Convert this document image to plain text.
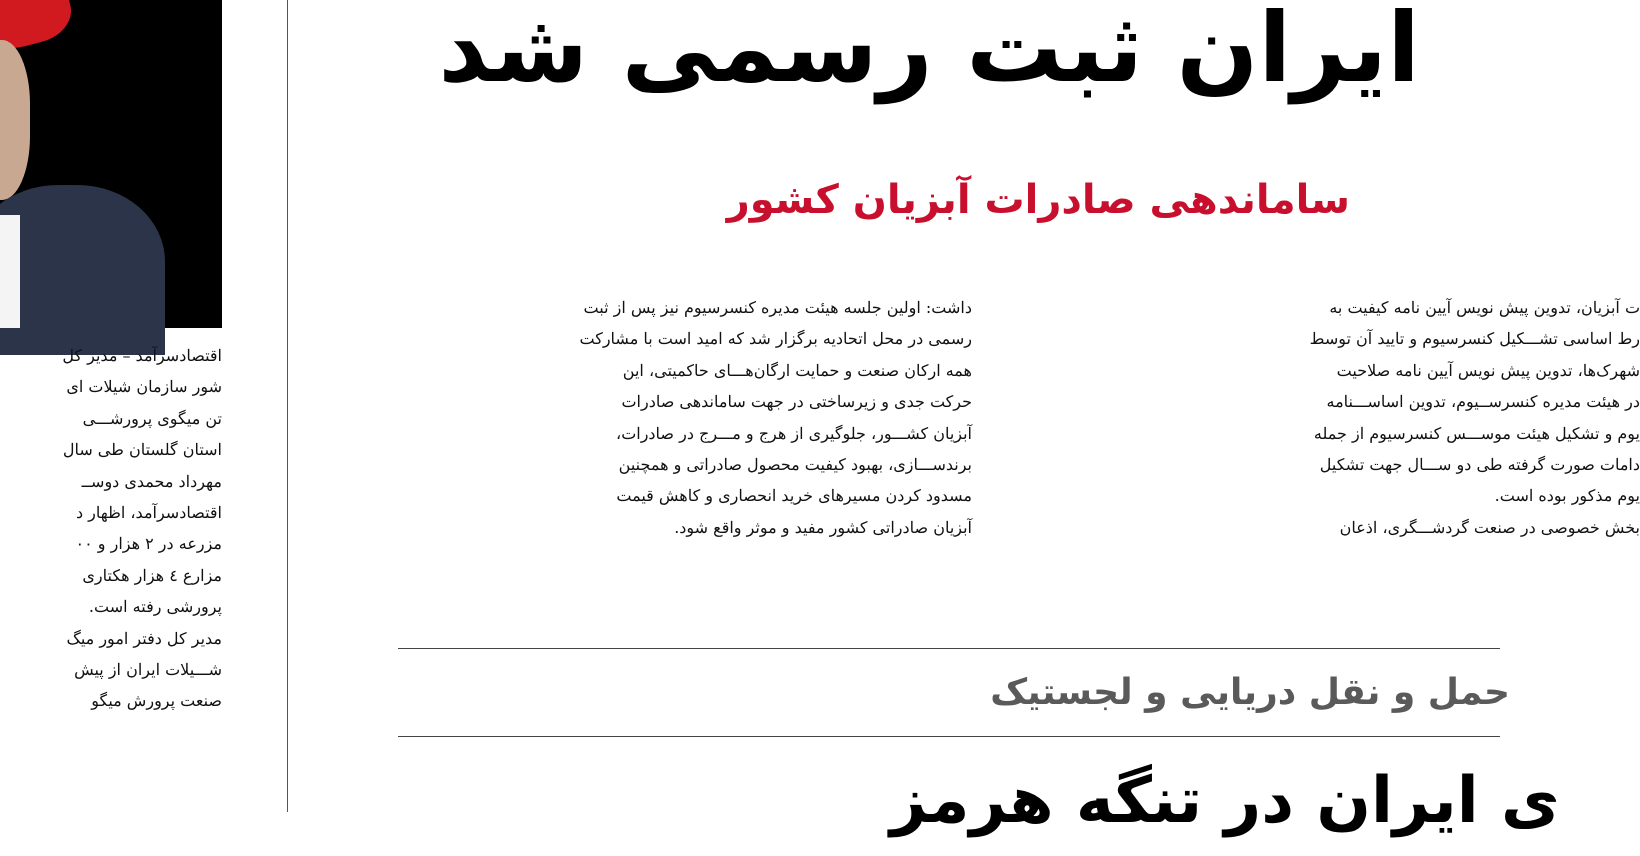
اقتصادسرآمد – مدیر کل
شور سازمان شیلات ای
تن میگوی پرورشـــی
استان گلستان طی سال
مهرداد محمدی دوســ
اقتصادسرآمد، اظهار د
مزرعه در ۲ هزار و ۰۰
مزارع ٤ هزار هکتاری
پرورشی رفته است.
مدیر کل دفتر امور میگ
شـــیلات ایران از پیش
صنعت پرورش میگو
ایران ثبت رسمی شد
ساماندهی صادرات آبزیان کشور
داشت: اولین جلسه هیئت مدیره کنسرسیوم نیز پس از ثبت
رسمی در محل اتحادیه برگزار شد که امید است با مشارکت
همه ارکان صنعت و حمایت ارگان‌هـــای حاکمیتی، این
حرکت جدی و زیرساختی در جهت ساماندهی صادرات
آبزیان کشـــور، جلوگیری از هرج و مـــرج در صادرات،
برندســـازی، بهبود کیفیت محصول صادراتی و همچنین
مسدود کردن مسیرهای خرید انحصاری و کاهش قیمت
آبزیان صادراتی کشور مفید و موثر واقع شود.
ت آبزیان، تدوین پیش نویس آیین نامه کیفیت به
رط اساسی تشـــکیل کنسرسیوم و تایید آن توسط
شهرک‌ها، تدوین پیش نویس آیین نامه صلاحیت
در هیئت مدیره کنسرســیوم، تدوین اساســـنامه
یوم و تشکیل هیئت موســـس کنسرسیوم از جمله
دامات صورت گرفته طی دو ســـال جهت تشکیل
یوم مذکور بوده است.
بخش خصوصی در صنعت گردشـــگری، اذعان
حمل و نقل دریایی و لجستیک
ی ایران در تنگه هرمز
